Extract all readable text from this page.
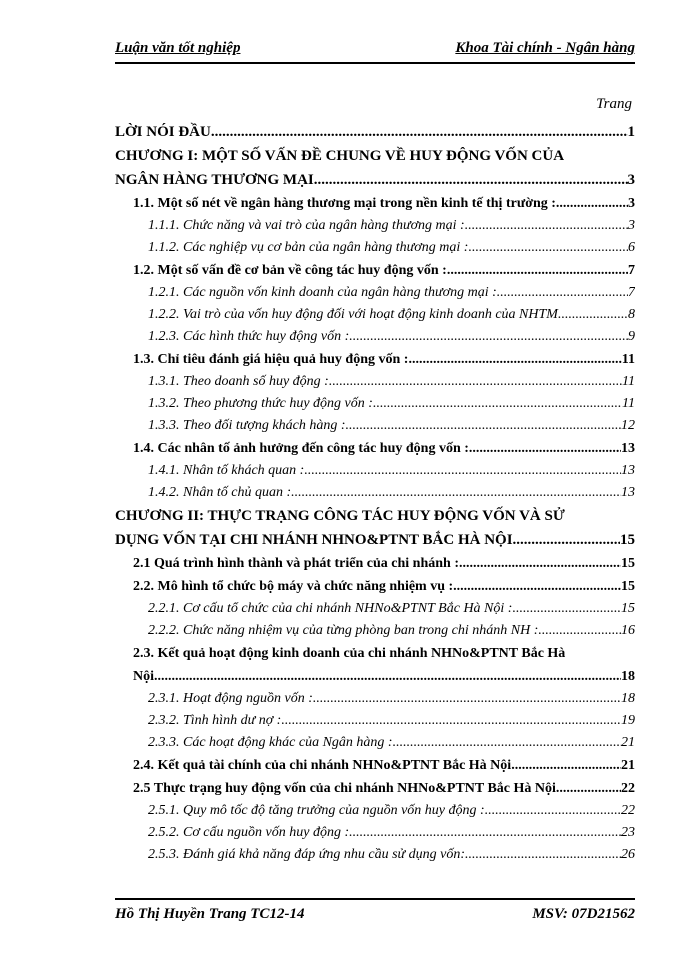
Luận văn tốt nghiệp	Khoa Tài chính - Ngân hàng
Trang
LỜI NÓI ĐẦU .....	1
CHƯƠNG I: MỘT SỐ VẤN ĐỀ CHUNG VỀ HUY ĐỘNG VỐN CỦA
NGÂN HÀNG THƯƠNG MẠI. .....	3
1.1. Một số nét về ngân hàng thương mại trong nền kinh tế thị trường : .....	3
1.1.1. Chức năng và vai trò của ngân hàng thương mại : .....	3
1.1.2. Các nghiệp vụ cơ bản của ngân hàng thương mại : .....	6
1.2. Một số vấn đề cơ bản về công tác huy động vốn : .....	7
1.2.1. Các nguồn vốn kinh doanh của ngân hàng thương mại : .....	7
1.2.2. Vai trò của vốn huy động đối với hoạt động kinh doanh của NHTM .....	8
1.2.3. Các hình thức huy động vốn : .....	9
1.3. Chỉ tiêu đánh giá hiệu quả huy động vốn : .....	11
1.3.1. Theo doanh số huy động : .....	11
1.3.2. Theo phương thức huy động vốn : .....	11
1.3.3. Theo đối tượng khách hàng : .....	12
1.4. Các nhân tố ảnh hưởng đến công tác huy động vốn : .....	13
1.4.1. Nhân tố khách quan : .....	13
1.4.2. Nhân tố chủ quan : .....	13
CHƯƠNG II: THỰC TRẠNG CÔNG TÁC HUY ĐỘNG VỐN VÀ SỬ
DỤNG VỐN TẠI CHI NHÁNH NHNO&PTNT BẮC HÀ NỘI .....	15
2.1 Quá trình hình thành và phát triển của chi nhánh : .....	15
2.2. Mô hình tổ chức bộ máy và chức năng nhiệm vụ : .....	15
2.2.1. Cơ cấu tổ chức của chi nhánh NHNo&PTNT Bắc Hà Nội : .....	15
2.2.2. Chức năng nhiệm vụ của từng phòng ban trong chi nhánh NH : .....	16
2.3. Kết quả hoạt động kinh doanh của chi nhánh NHNo&PTNT Bắc Hà
Nội .....	18
2.3.1. Hoạt động nguồn vốn : .....	18
2.3.2. Tình hình dư nợ : .....	19
2.3.3. Các hoạt động khác của Ngân hàng : .....	21
2.4. Kết quả tài chính của chi nhánh NHNo&PTNT Bắc Hà Nội .....	21
2.5 Thực trạng huy động vốn của chi nhánh NHNo&PTNT Bắc Hà Nội .....	22
2.5.1. Quy mô tốc độ tăng trưởng của nguồn vốn huy động : .....	22
2.5.2. Cơ cấu nguồn vốn huy động : .....	23
2.5.3. Đánh giá khả năng đáp ứng nhu cầu sử dụng vốn: .....	26
Hồ Thị Huyền Trang TC12-14	MSV: 07D21562
